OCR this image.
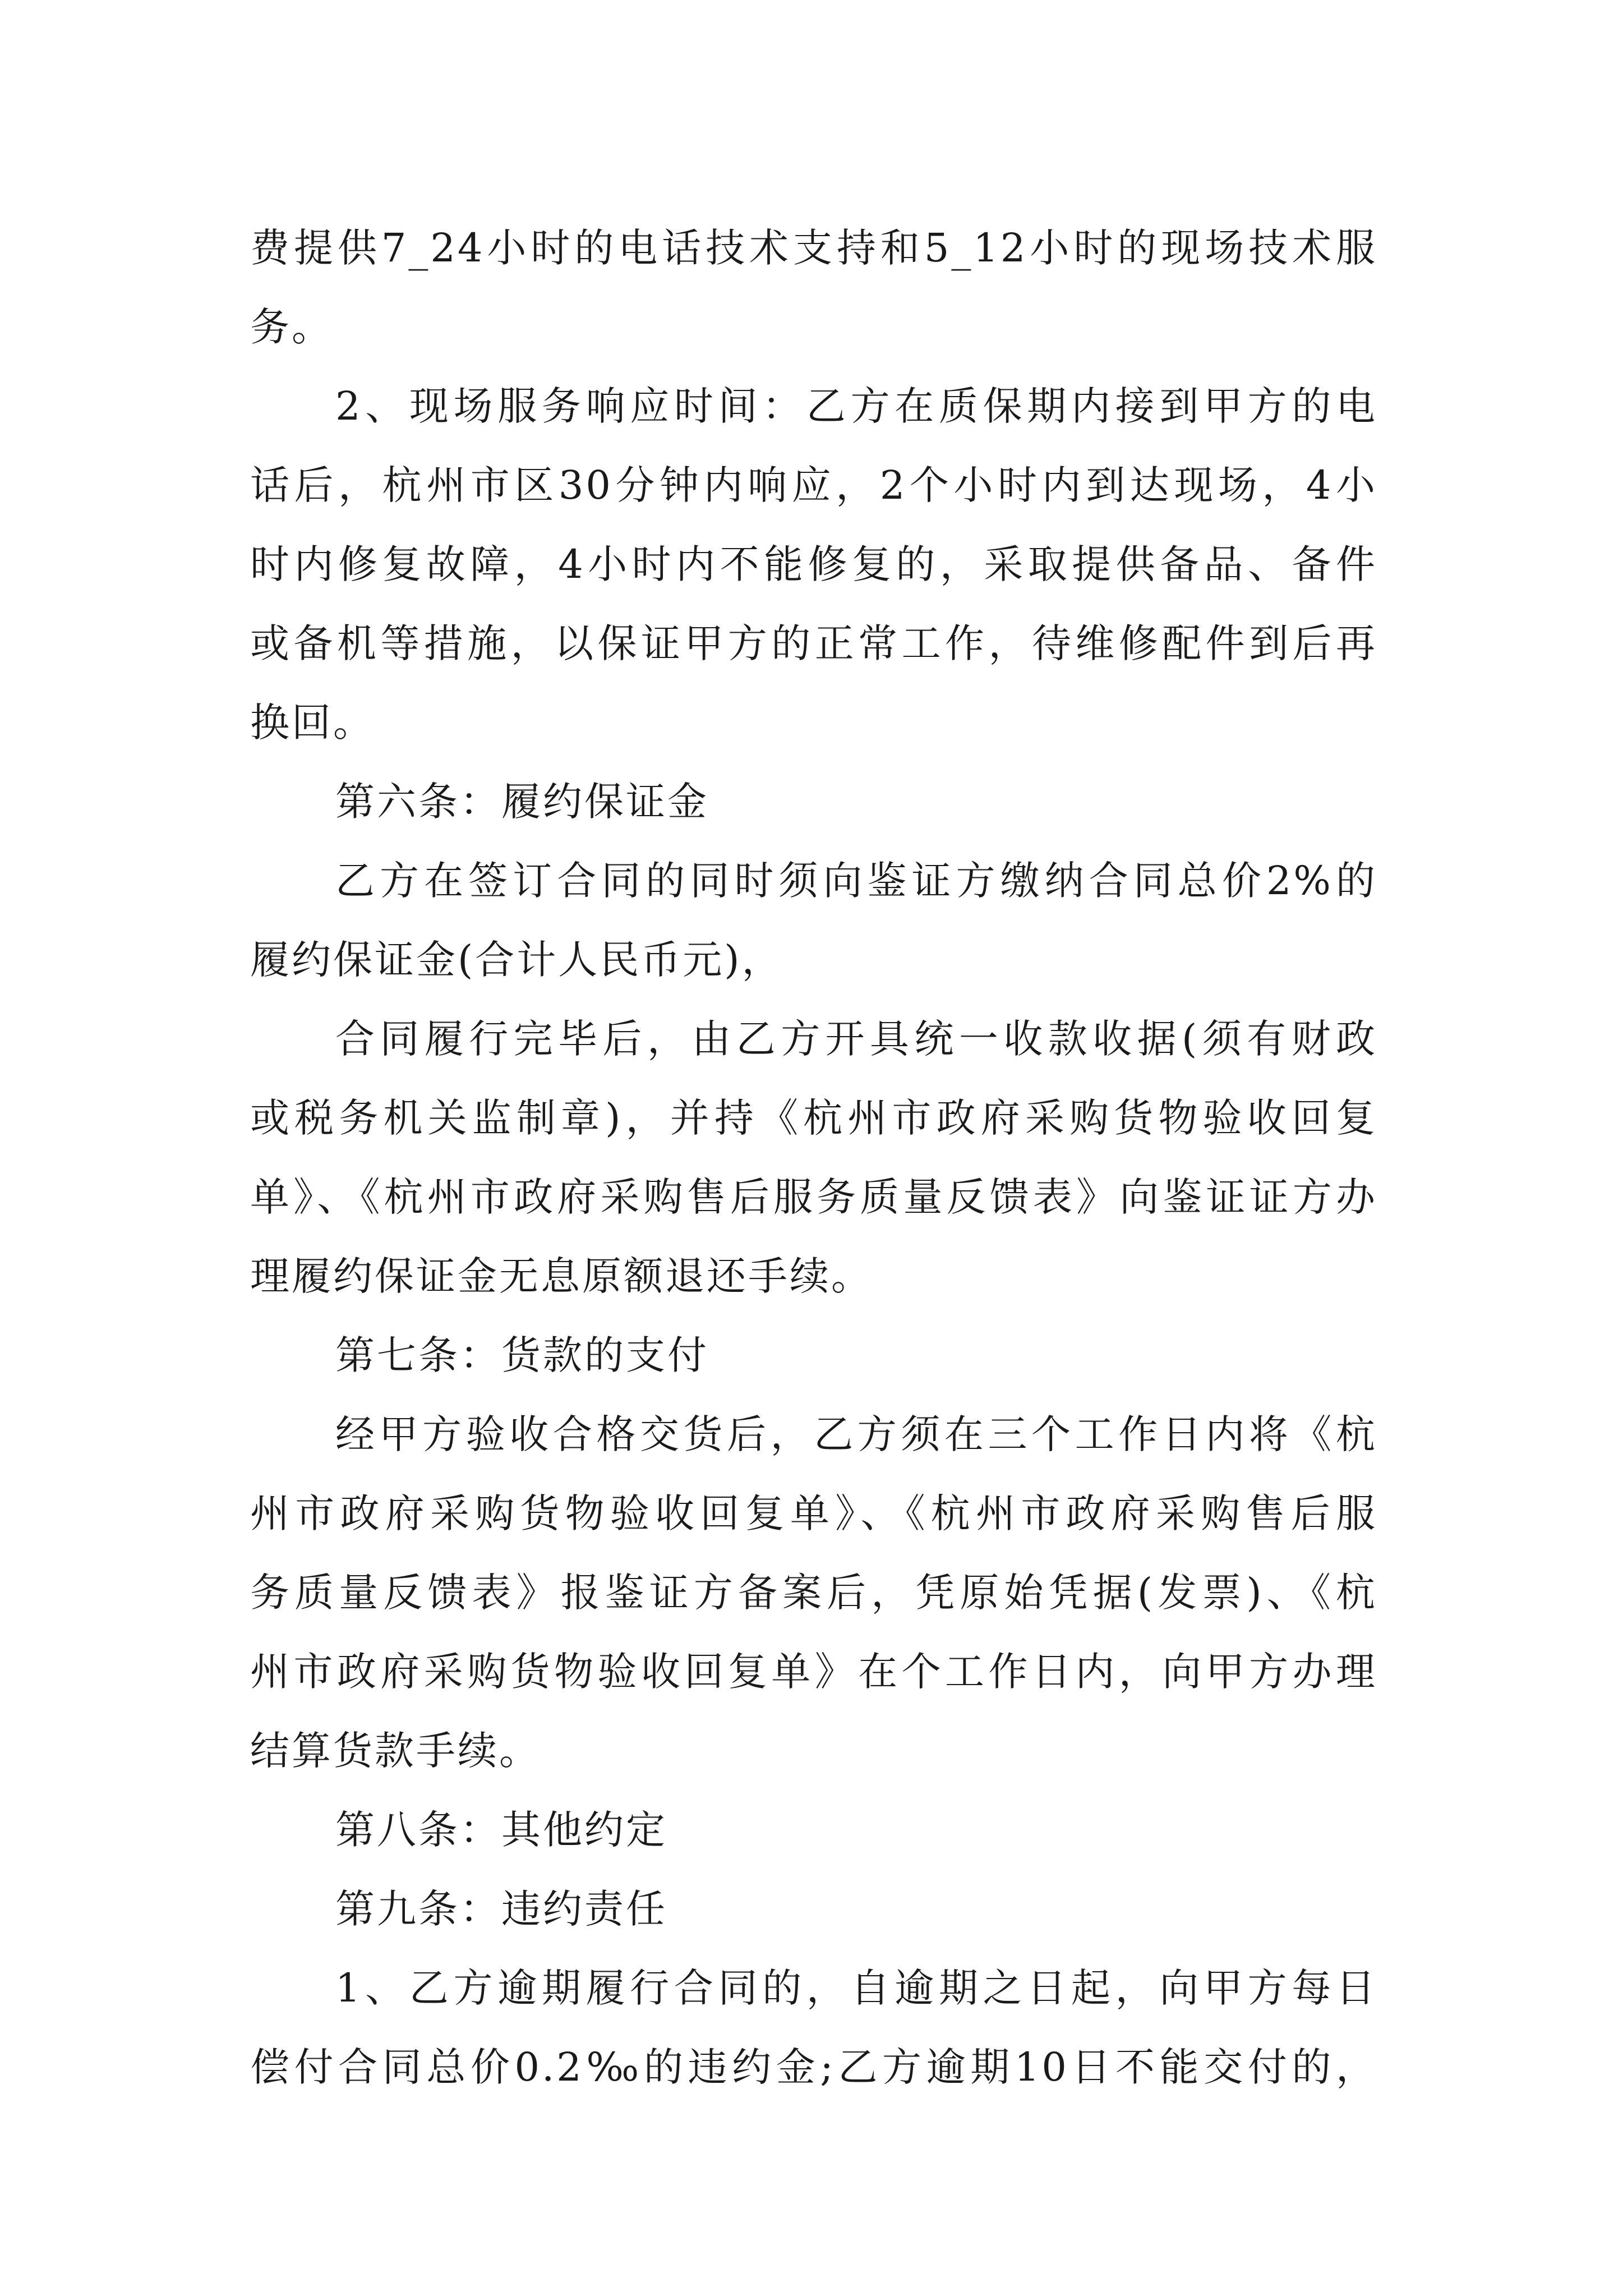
费提供7_24小时的电话技术支持和5_12小时的现场技术服
务。
2、现场服务响应时间：乙方在质保期内接到甲方的电
话后，杭州市区30分钟内响应，2个小时内到达现场，4小
时内修复故障，4小时内不能修复的，采取提供备品、备件
或备机等措施，以保证甲方的正常工作，待维修配件到后再
换回。
第六条：履约保证金
乙方在签订合同的同时须向鉴证方缴纳合同总价2%的
履约保证金(合计人民币元)，
合同履行完毕后，由乙方开具统一收款收据(须有财政
或税务机关监制章)，并持《杭州市政府采购货物验收回复
单》、《杭州市政府采购售后服务质量反馈表》向鉴证证方办
理履约保证金无息原额退还手续。
第七条：货款的支付
经甲方验收合格交货后，乙方须在三个工作日内将《杭
州市政府采购货物验收回复单》、《杭州市政府采购售后服
务质量反馈表》报鉴证方备案后，凭原始凭据(发票)、《杭
州市政府采购货物验收回复单》在个工作日内，向甲方办理
结算货款手续。
第八条：其他约定
第九条：违约责任
1、乙方逾期履行合同的，自逾期之日起，向甲方每日
偿付合同总价0.2‰的违约金;乙方逾期10日不能交付的，
